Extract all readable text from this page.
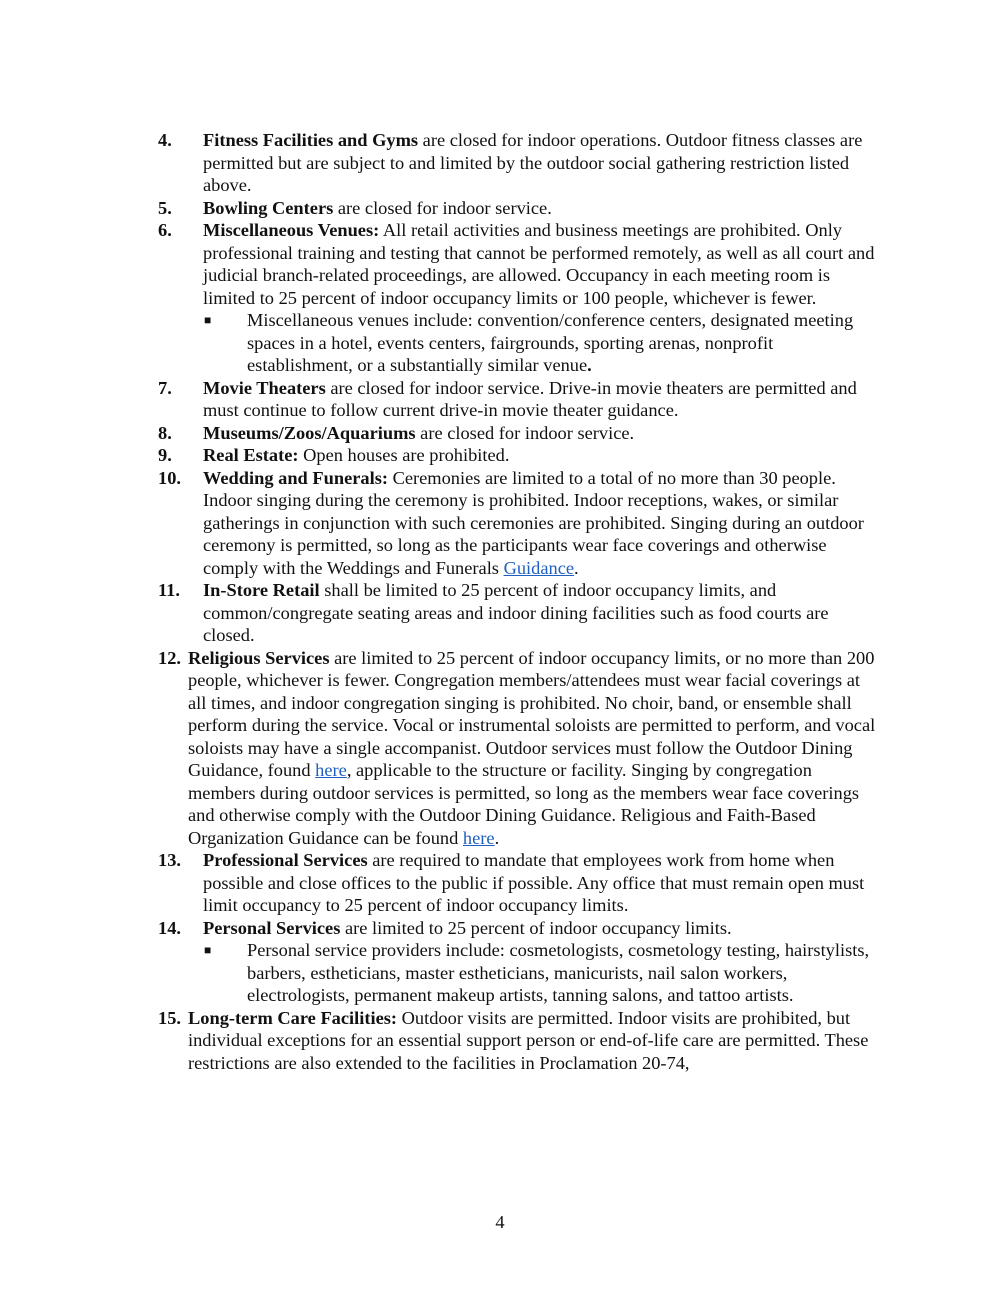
4. Fitness Facilities and Gyms are closed for indoor operations. Outdoor fitness classes are permitted but are subject to and limited by the outdoor social gathering restriction listed above.
5. Bowling Centers are closed for indoor service.
6. Miscellaneous Venues: All retail activities and business meetings are prohibited. Only professional training and testing that cannot be performed remotely, as well as all court and judicial branch-related proceedings, are allowed. Occupancy in each meeting room is limited to 25 percent of indoor occupancy limits or 100 people, whichever is fewer.
■ Miscellaneous venues include: convention/conference centers, designated meeting spaces in a hotel, events centers, fairgrounds, sporting arenas, nonprofit establishment, or a substantially similar venue.
7. Movie Theaters are closed for indoor service. Drive-in movie theaters are permitted and must continue to follow current drive-in movie theater guidance.
8. Museums/Zoos/Aquariums are closed for indoor service.
9. Real Estate: Open houses are prohibited.
10. Wedding and Funerals: Ceremonies are limited to a total of no more than 30 people. Indoor singing during the ceremony is prohibited. Indoor receptions, wakes, or similar gatherings in conjunction with such ceremonies are prohibited. Singing during an outdoor ceremony is permitted, so long as the participants wear face coverings and otherwise comply with the Weddings and Funerals Guidance.
11. In-Store Retail shall be limited to 25 percent of indoor occupancy limits, and common/congregate seating areas and indoor dining facilities such as food courts are closed.
12. Religious Services are limited to 25 percent of indoor occupancy limits, or no more than 200 people, whichever is fewer. Congregation members/attendees must wear facial coverings at all times, and indoor congregation singing is prohibited. No choir, band, or ensemble shall perform during the service. Vocal or instrumental soloists are permitted to perform, and vocal soloists may have a single accompanist. Outdoor services must follow the Outdoor Dining Guidance, found here, applicable to the structure or facility. Singing by congregation members during outdoor services is permitted, so long as the members wear face coverings and otherwise comply with the Outdoor Dining Guidance. Religious and Faith-Based Organization Guidance can be found here.
13. Professional Services are required to mandate that employees work from home when possible and close offices to the public if possible. Any office that must remain open must limit occupancy to 25 percent of indoor occupancy limits.
14. Personal Services are limited to 25 percent of indoor occupancy limits.
■ Personal service providers include: cosmetologists, cosmetology testing, hairstylists, barbers, estheticians, master estheticians, manicurists, nail salon workers, electrologists, permanent makeup artists, tanning salons, and tattoo artists.
15. Long-term Care Facilities: Outdoor visits are permitted. Indoor visits are prohibited, but individual exceptions for an essential support person or end-of-life care are permitted. These restrictions are also extended to the facilities in Proclamation 20-74,
4
